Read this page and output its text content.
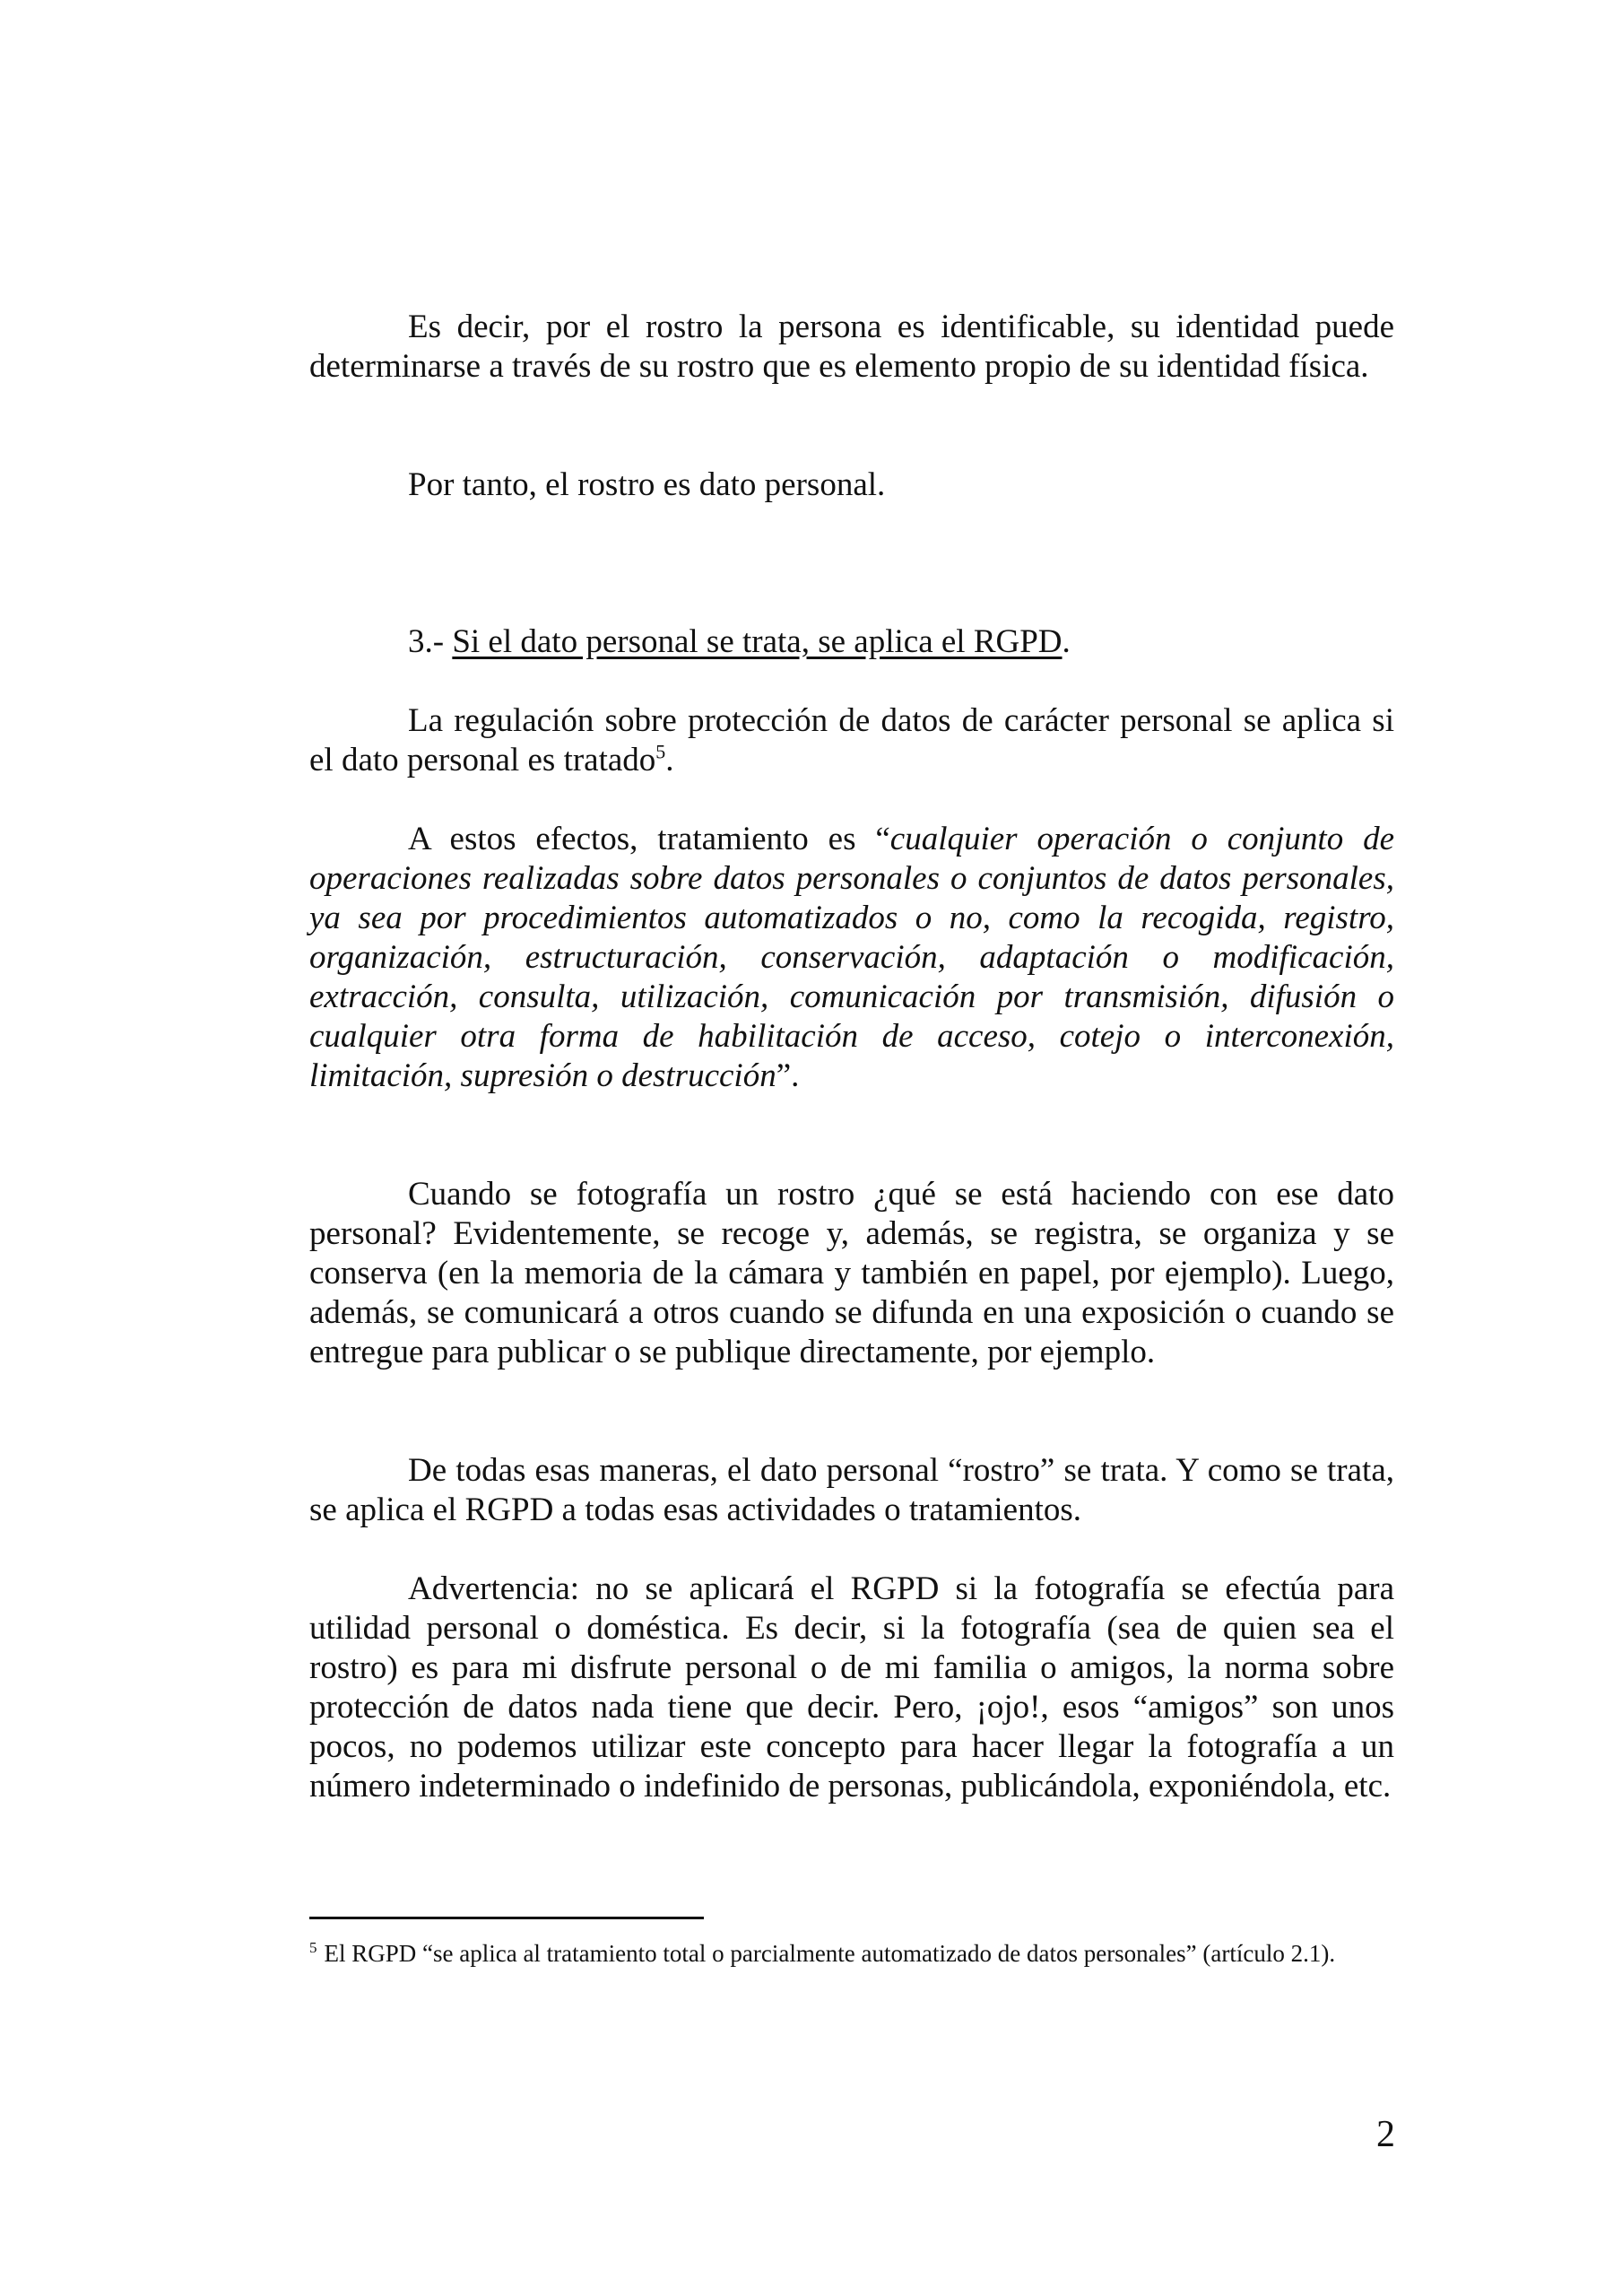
Es decir, por el rostro la persona es identificable, su identidad puede determinarse a través de su rostro que es elemento propio de su identidad física.

Por tanto, el rostro es dato personal.

3.- Si el dato personal se trata, se aplica el RGPD.

La regulación sobre protección de datos de carácter personal se aplica si el dato personal es tratado$^5$.

A estos efectos, tratamiento es “cualquier operación o conjunto de operaciones realizadas sobre datos personales o conjuntos de datos personales, ya sea por procedimientos automatizados o no, como la recogida, registro, organización, estructuración, conservación, adaptación o modificación, extracción, consulta, utilización, comunicación por transmisión, difusión o cualquier otra forma de habilitación de acceso, cotejo o interconexión, limitación, supresión o destrucción”.

Cuando se fotografía un rostro ¿qué se está haciendo con ese dato personal? Evidentemente, se recoge y, además, se registra, se organiza y se conserva (en la memoria de la cámara y también en papel, por ejemplo). Luego, además, se comunicará a otros cuando se difunda en una exposición o cuando se entregue para publicar o se publique directamente, por ejemplo.

De todas esas maneras, el dato personal “rostro” se trata. Y como se trata, se aplica el RGPD a todas esas actividades o tratamientos.

Advertencia: no se aplicará el RGPD si la fotografía se efectúa para utilidad personal o doméstica. Es decir, si la fotografía (sea de quien sea el rostro) es para mi disfrute personal o de mi familia o amigos, la norma sobre protección de datos nada tiene que decir. Pero, ¡ojo!, esos “amigos” son unos pocos, no podemos utilizar este concepto para hacer llegar la fotografía a un número indeterminado o indefinido de personas, publicándola, exponiéndola, etc.

$^5$ El RGPD “se aplica al tratamiento total o parcialmente automatizado de datos personales” (artículo 2.1).

2
